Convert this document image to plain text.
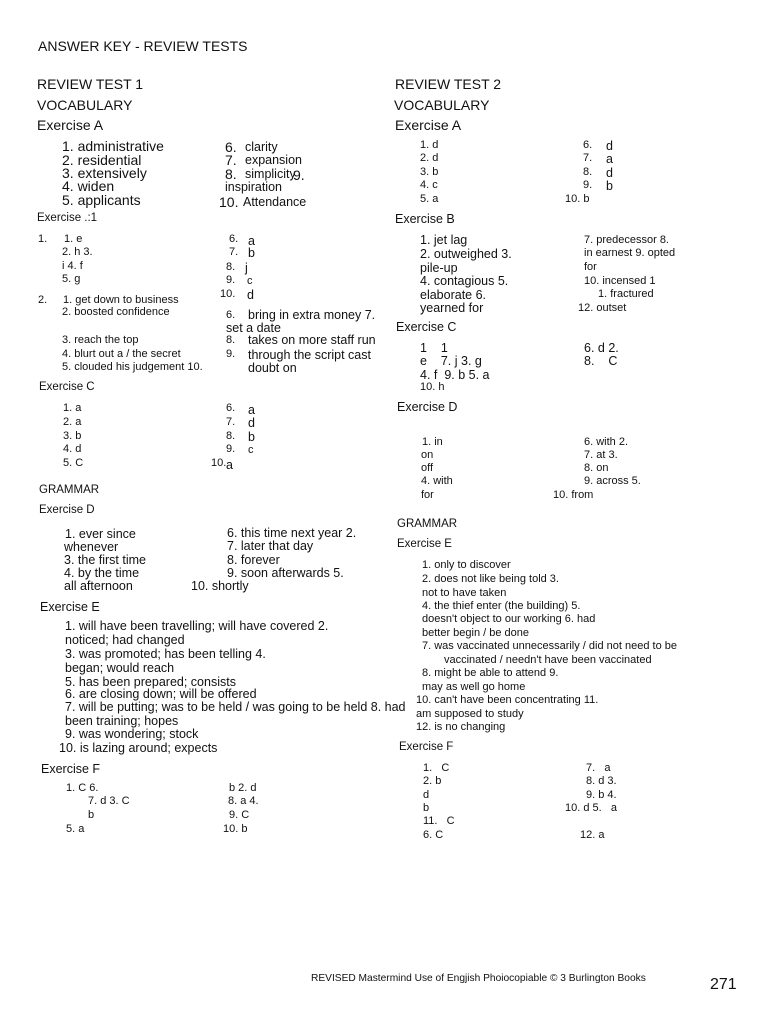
ANSWER KEY - REVIEW TESTS
REVIEW TEST 1
VOCABULARY
Exercise A
1. administrative
2. residential
3. extensively
4. widen
5. applicants
6. clarity
7. expansion
8. simplicity
9.
inspiration
10. Attendance
Exercise .:1
1. 1. e
2. h 3.
i 4. f
5. g
6. a
7. b
8. j
9. c
10. d
2. 1. get down to business
2. boosted confidence
3. reach the top
4. blurt out a / the secret
5. clouded his judgement 10.
6. bring in extra money 7.
set a date
8. takes on more staff run
9. through the script cast
doubt on
Exercise C
1. a
2. a
3. b
4. d
5. C
6. a
7. d
8. b
9. c
10. a
GRAMMAR
Exercise D
1. ever since
whenever
3. the first time
4. by the time
all afternoon
6. this time next year 2.
7. later that day
8. forever
9. soon afterwards 5.
10. shortly
Exercise E
1. will have been travelling; will have covered 2.
noticed; had changed
3. was promoted; has been telling 4.
began; would reach
5. has been prepared; consists
6. are closing down; will be offered
7. will be putting; was to be held / was going to be held 8. had
been training; hopes
9. was wondering; stock
10. is lazing around; expects
Exercise F
1. C 6.
7. d 3. C
b
5. a
b 2. d
8. a 4.
9. C
10. b
REVIEW TEST 2
VOCABULARY
Exercise A
1. d
2. d
3. b
4. c
5. a
6. d
7. a
8. d
9. b
10. b
Exercise B
1. jet lag
2. outweighed 3.
pile-up
4. contagious 5.
elaborate 6.
yearned for
7. predecessor 8.
in earnest 9. opted
for
10. incensed 1
1. fractured
12. outset
Exercise C
1    1
e    7. j 3. g
4. f  9. b 5. a
10. h
6. d 2.
8.    C
Exercise D
1. in
on
off
4. with
for
6. with 2.
7. at 3.
8. on
9. across 5.
10. from
GRAMMAR
Exercise E
1. only to discover
2. does not like being told 3.
not to have taken
4. the thief enter (the building) 5.
doesn't object to our working 6. had
better begin / be done
7. was vaccinated unnecessarily / did not need to be
vaccinated / needn't have been vaccinated
8. might be able to attend 9.
may as well go home
10. can't have been concentrating 11.
am supposed to study
12. is no changing
Exercise F
1.   C
2. b
d
b
11.   C
6. C
7.   a
8. d 3.
9. b 4.
10. d 5.   a
12. a
REVISED Mastermind Use of Engjish Phoiocopiable © 3 Burlington Books	271
